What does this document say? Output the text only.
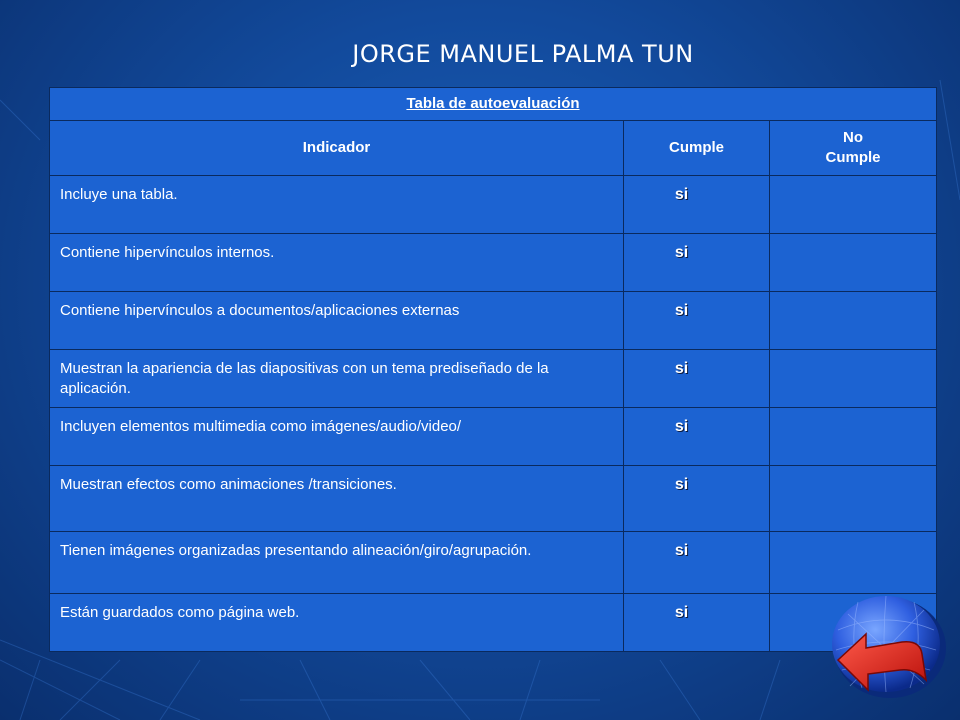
JORGE MANUEL PALMA TUN
Tabla de autoevaluación		
Indicador	Cumple	No
Cumple

Incluye una tabla.	si	
Contiene hipervínculos internos.	si	
Contiene hipervínculos a documentos/aplicaciones externas	si	
Muestran la apariencia de las diapositivas con un tema prediseñado de la aplicación.	si	
Incluyen elementos multimedia como imágenes/audio/video/	si	
Muestran efectos como animaciones /transiciones.	si	
Tienen imágenes organizadas presentando alineación/giro/agrupación.	si	
Están guardados como página web.	si	
